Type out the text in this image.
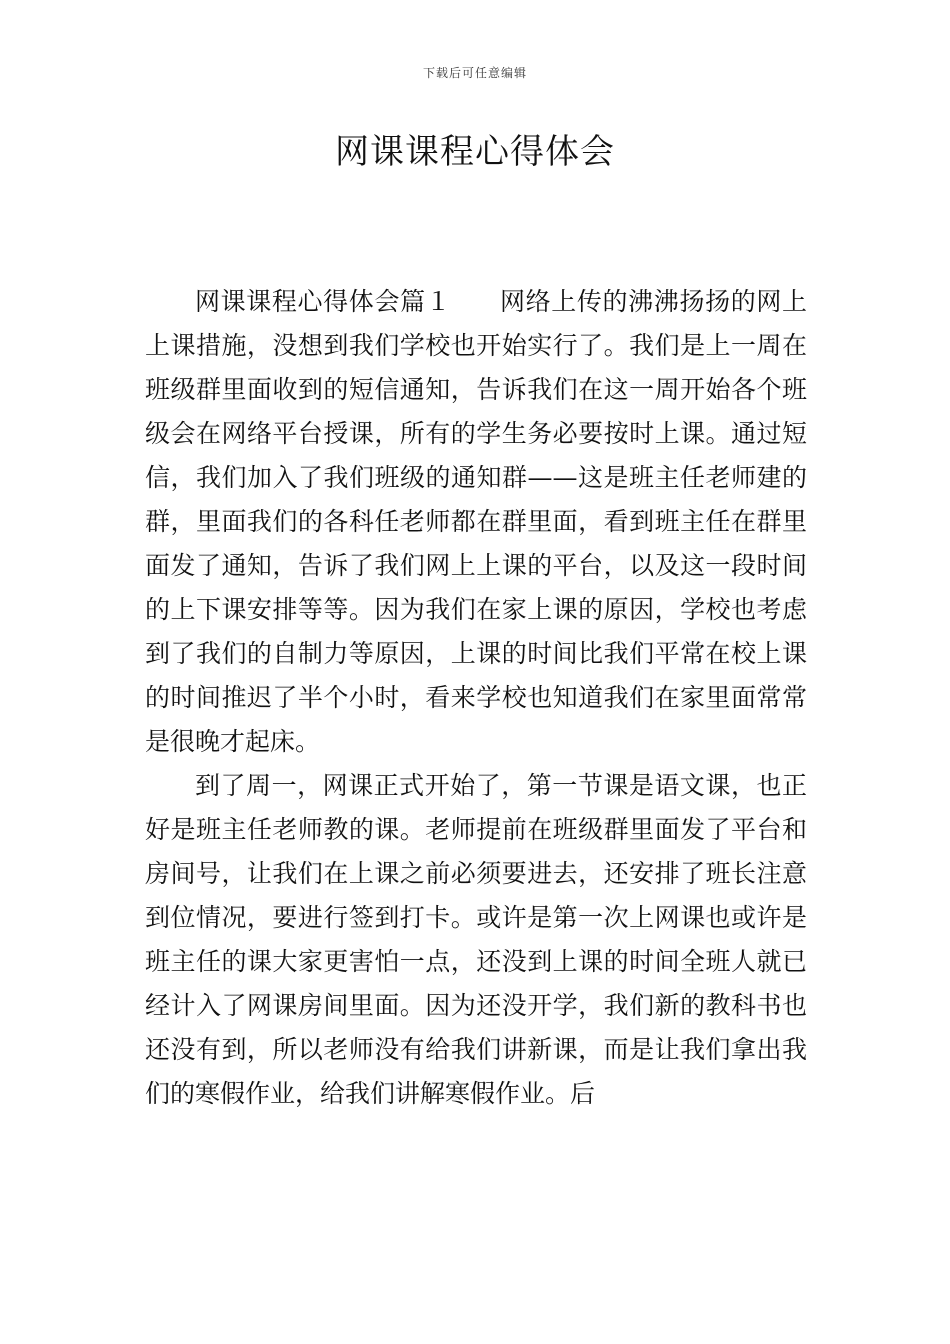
下载后可任意编辑
网课课程心得体会

网课课程心得体会篇１ 网络上传的沸沸扬扬的网上上课措施，没想到我们学校也开始实行了。我们是上一周在班级群里面收到的短信通知，告诉我们在这一周开始各个班级会在网络平台授课，所有的学生务必要按时上课。通过短信，我们加入了我们班级的通知群——这是班主任老师建的群，里面我们的各科任老师都在群里面，看到班主任在群里面发了通知，告诉了我们网上上课的平台，以及这一段时间的上下课安排等等。因为我们在家上课的原因，学校也考虑到了我们的自制力等原因，上课的时间比我们平常在校上课的时间推迟了半个小时，看来学校也知道我们在家里面常常是很晚才起床。

到了周一，网课正式开始了，第一节课是语文课，也正好是班主任老师教的课。老师提前在班级群里面发了平台和房间号，让我们在上课之前必须要进去，还安排了班长注意到位情况，要进行签到打卡。或许是第一次上网课也或许是班主任的课大家更害怕一点，还没到上课的时间全班人就已经计入了网课房间里面。因为还没开学，我们新的教科书也还没有到，所以老师没有给我们讲新课，而是让我们拿出我们的寒假作业，给我们讲解寒假作业。后
